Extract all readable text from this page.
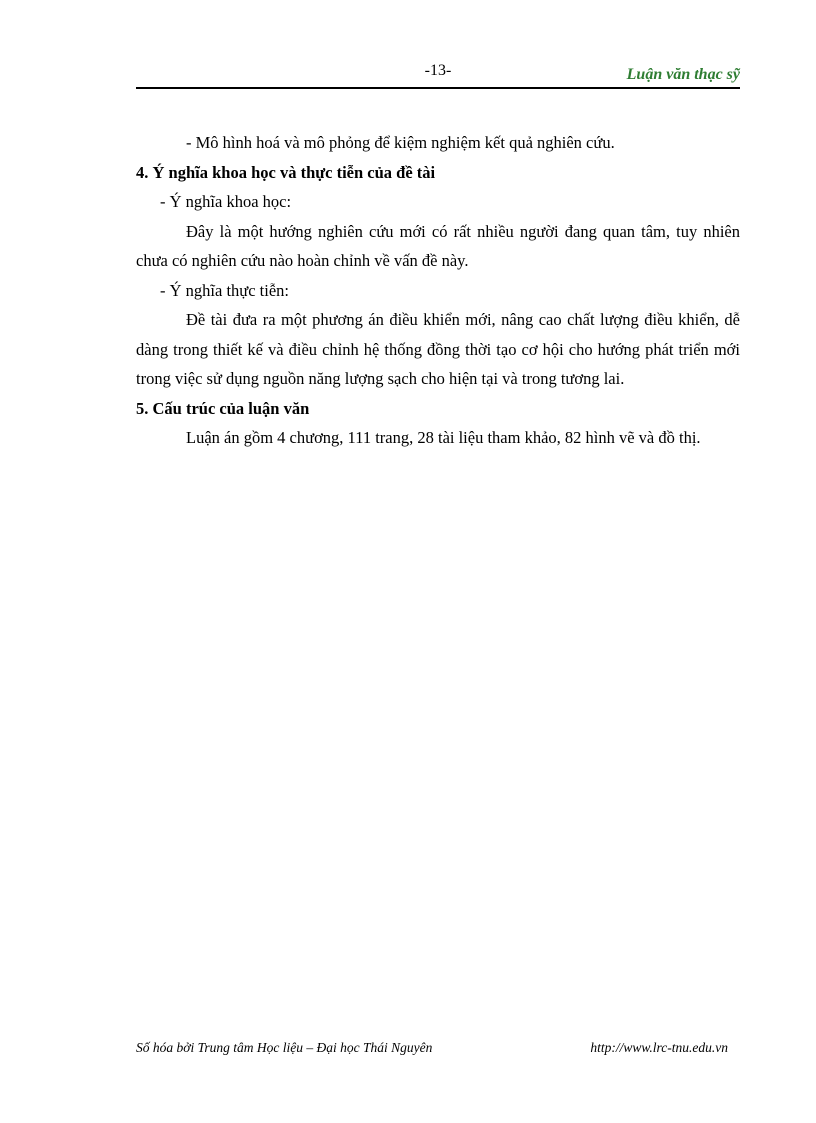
-13-	Luận văn thạc sỹ

- Mô hình hoá và mô phỏng để kiệm nghiệm kết quả nghiên cứu.

4. Ý nghĩa khoa học và thực tiễn của đề tài

- Ý nghĩa khoa học:

Đây là một hướng nghiên cứu mới có rất nhiều người đang quan tâm, tuy nhiên chưa có nghiên cứu nào hoàn chỉnh về vấn đề này.

- Ý nghĩa thực tiễn:

Đề tài đưa ra một phương án điều khiển mới, nâng cao chất lượng điều khiển, dễ dàng trong thiết kế và điều chỉnh hệ thống đồng thời tạo cơ hội cho hướng phát triển mới trong việc sử dụng nguồn năng lượng sạch cho hiện tại và trong tương lai.

5. Cấu trúc của luận văn

Luận án gồm 4 chương, 111 trang, 28 tài liệu tham khảo, 82 hình vẽ và đồ thị.

Số hóa bởi Trung tâm Học liệu – Đại học Thái Nguyên	http://www.lrc-tnu.edu.vn
